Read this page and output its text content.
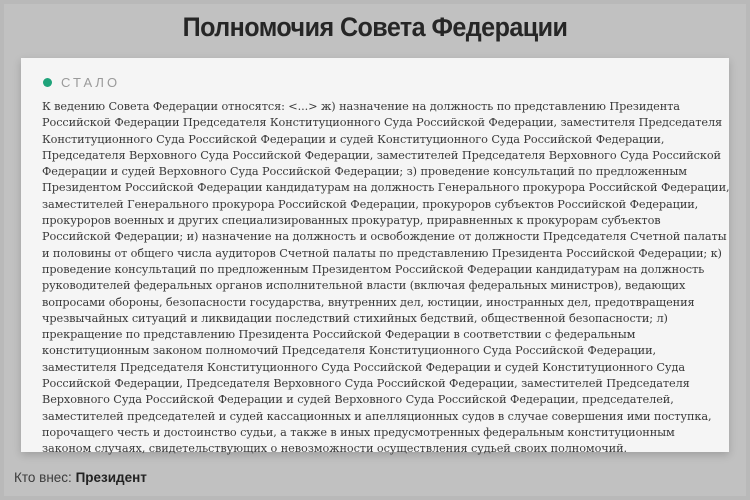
Полномочия Совета Федерации
СТАЛО
К ведению Совета Федерации относятся: <...> ж) назначение на должность по представлению Президента
Российской Федерации Председателя Конституционного Суда Российской Федерации, заместителя Председателя
Конституционного Суда Российской Федерации и судей Конституционного Суда Российской Федерации,
Председателя Верховного Суда Российской Федерации, заместителей Председателя Верховного Суда Российской
Федерации и судей Верховного Суда Российской Федерации; з) проведение консультаций по предложенным
Президентом Российской Федерации кандидатурам на должность Генерального прокурора Российской Федерации,
заместителей Генерального прокурора Российской Федерации, прокуроров субъектов Российской Федерации,
прокуроров военных и других специализированных прокуратур, приравненных к прокурорам субъектов
Российской Федерации; и) назначение на должность и освобождение от должности Председателя Счетной палаты
и половины от общего числа аудиторов Счетной палаты по представлению Президента Российской Федерации; к)
проведение консультаций по предложенным Президентом Российской Федерации кандидатурам на должность
руководителей федеральных органов исполнительной власти (включая федеральных министров), ведающих
вопросами обороны, безопасности государства, внутренних дел, юстиции, иностранных дел, предотвращения
чрезвычайных ситуаций и ликвидации последствий стихийных бедствий, общественной безопасности; л)
прекращение по представлению Президента Российской Федерации в соответствии с федеральным
конституционным законом полномочий Председателя Конституционного Суда Российской Федерации,
заместителя Председателя Конституционного Суда Российской Федерации и судей Конституционного Суда
Российской Федерации, Председателя Верховного Суда Российской Федерации, заместителей Председателя
Верховного Суда Российской Федерации и судей Верховного Суда Российской Федерации, председателей,
заместителей председателей и судей кассационных и апелляционных судов в случае совершения ими поступка,
порочащего честь и достоинство судьи, а также в иных предусмотренных федеральным конституционным
законом случаях, свидетельствующих о невозможности осуществления судьей своих полномочий.
Кто внес: Президент
